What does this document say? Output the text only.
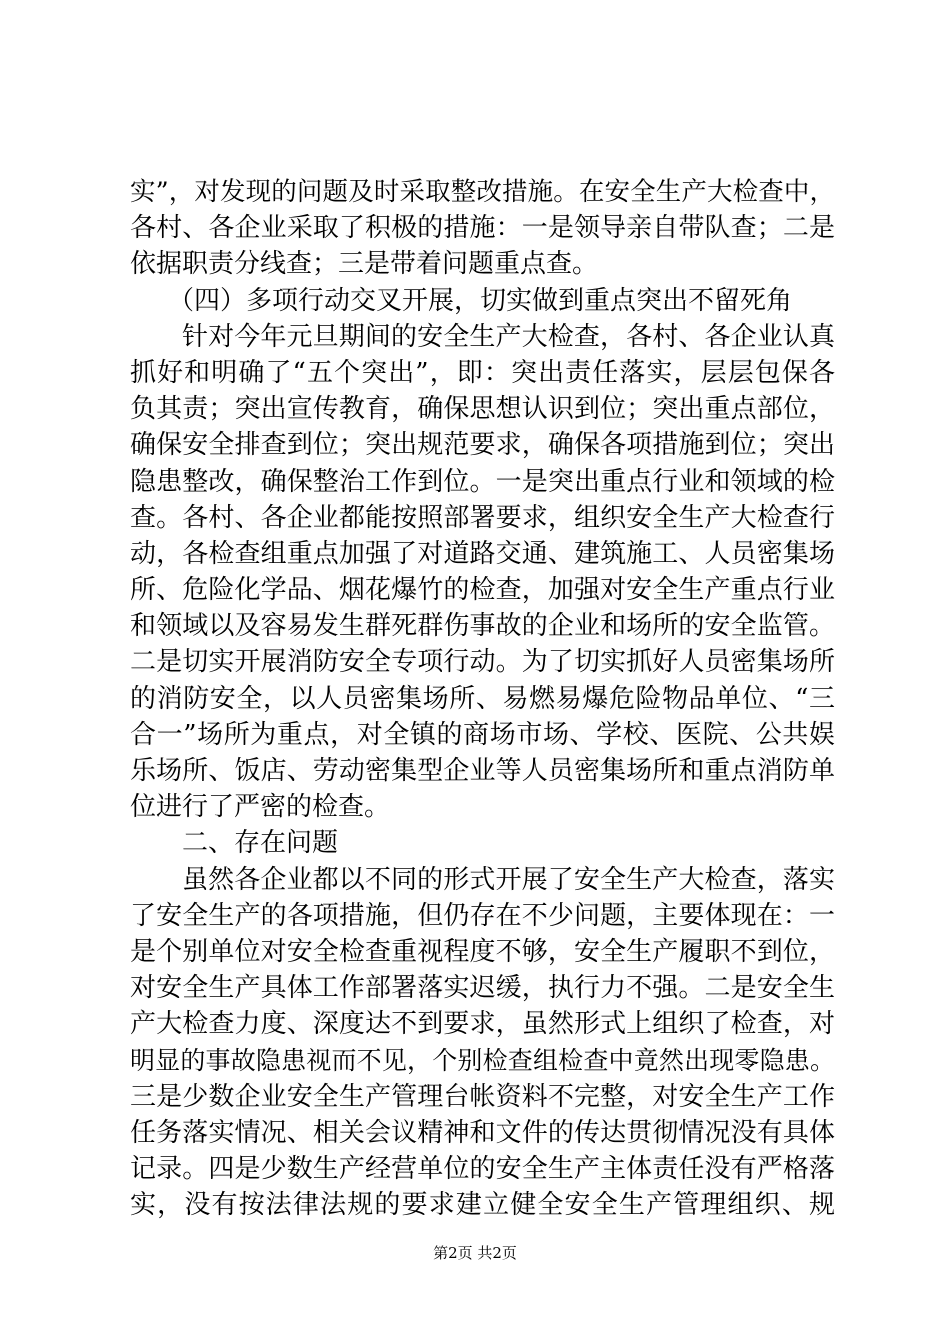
实”，对发现的问题及时采取整改措施。在安全生产大检查中，
各村、各企业采取了积极的措施：一是领导亲自带队查；二是
依据职责分线查；三是带着问题重点查。
（四）多项行动交叉开展，切实做到重点突出不留死角
针对今年元旦期间的安全生产大检查，各村、各企业认真
抓好和明确了“五个突出”，即：突出责任落实，层层包保各
负其责；突出宣传教育，确保思想认识到位；突出重点部位，
确保安全排查到位；突出规范要求，确保各项措施到位；突出
隐患整改，确保整治工作到位。一是突出重点行业和领域的检
查。各村、各企业都能按照部署要求，组织安全生产大检查行
动，各检查组重点加强了对道路交通、建筑施工、人员密集场
所、危险化学品、烟花爆竹的检查，加强对安全生产重点行业
和领域以及容易发生群死群伤事故的企业和场所的安全监管。
二是切实开展消防安全专项行动。为了切实抓好人员密集场所
的消防安全，以人员密集场所、易燃易爆危险物品单位、“三
合一”场所为重点，对全镇的商场市场、学校、医院、公共娱
乐场所、饭店、劳动密集型企业等人员密集场所和重点消防单
位进行了严密的检查。
二、存在问题
虽然各企业都以不同的形式开展了安全生产大检查，落实
了安全生产的各项措施，但仍存在不少问题，主要体现在：一
是个别单位对安全检查重视程度不够，安全生产履职不到位，
对安全生产具体工作部署落实迟缓，执行力不强。二是安全生
产大检查力度、深度达不到要求，虽然形式上组织了检查，对
明显的事故隐患视而不见，个别检查组检查中竟然出现零隐患。
三是少数企业安全生产管理台帐资料不完整，对安全生产工作
任务落实情况、相关会议精神和文件的传达贯彻情况没有具体
记录。四是少数生产经营单位的安全生产主体责任没有严格落
实，没有按法律法规的要求建立健全安全生产管理组织、规
第2页 共2页
